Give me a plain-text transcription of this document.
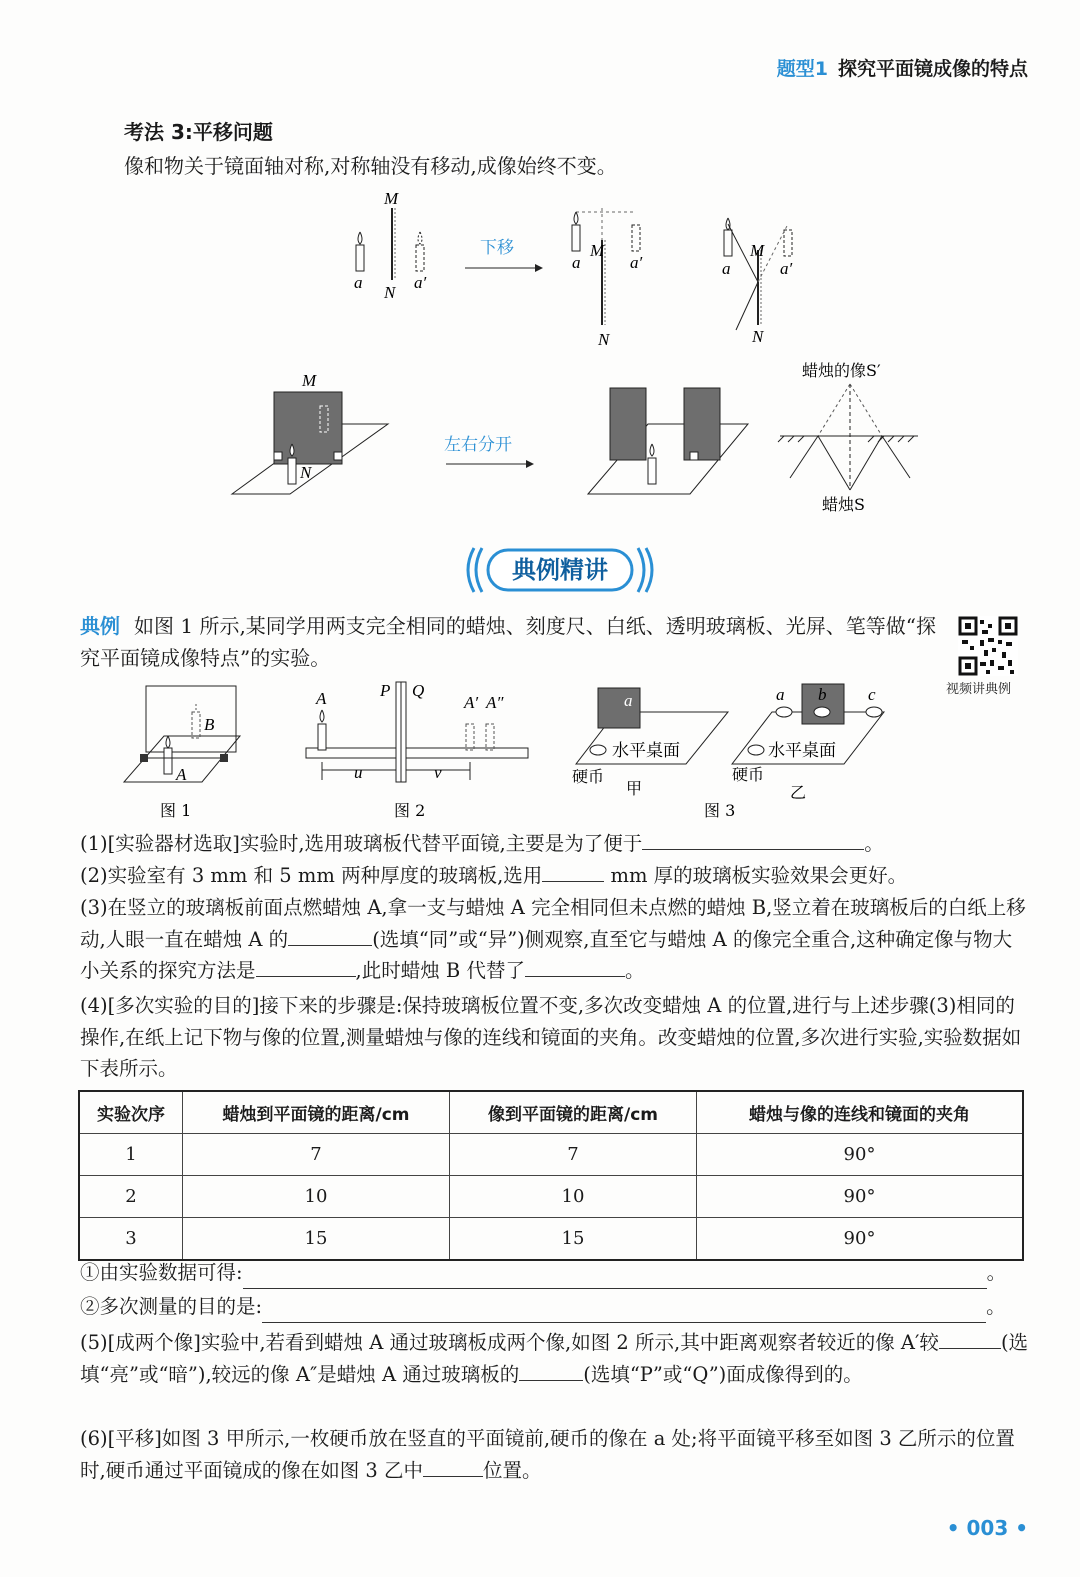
题型1 探究平面镜成像的特点
考法 3:平移问题
像和物关于镜面轴对称,对称轴没有移动,成像始终不变。
M
N
a	a′
下移
a
M
a′
N
M
a	a′
N
M
N
左右分开
蜡烛的像S′
蜡烛S
典例精讲
典例 如图 1 所示,某同学用两支完全相同的蜡烛、刻度尺、白纸、透明玻璃板、光屏、笔等做“探究平面镜成像特点”的实验。
视频讲典例
B
A
图 1
A	P Q
A′ A″
u	v
图 2
a
水平桌面
硬币
甲
a b c
水平桌面
硬币
乙
图 3
(1)[实验器材选取]实验时,选用玻璃板代替平面镜,主要是为了便于	。
(2)实验室有 3 mm 和 5 mm 两种厚度的玻璃板,选用	mm 厚的玻璃板实验效果会更好。
(3)在竖立的玻璃板前面点燃蜡烛 A,拿一支与蜡烛 A 完全相同但未点燃的蜡烛 B,竖立着在玻璃板后的白纸上移动,人眼一直在蜡烛 A 的	(选填“同”或“异”)侧观察,直至它与蜡烛 A 的像完全重合,这种确定像与物大小关系的探究方法是	,此时蜡烛 B 代替了	。
(4)[多次实验的目的]接下来的步骤是:保持玻璃板位置不变,多次改变蜡烛 A 的位置,进行与上述步骤(3)相同的操作,在纸上记下物与像的位置,测量蜡烛与像的连线和镜面的夹角。改变蜡烛的位置,多次进行实验,实验数据如下表所示。
实验次序	蜡烛到平面镜的距离/cm	像到平面镜的距离/cm	蜡烛与像的连线和镜面的夹角
1	7	7	90°
2	10	10	90°
3	15	15	90°
①由实验数据可得:	。
②多次测量的目的是:	。
(5)[成两个像]实验中,若看到蜡烛 A 通过玻璃板成两个像,如图 2 所示,其中距离观察者较近的像 A′较	(选填“亮”或“暗”),较远的像 A″是蜡烛 A 通过玻璃板的	(选填“P”或“Q”)面成像得到的。
(6)[平移]如图 3 甲所示,一枚硬币放在竖直的平面镜前,硬币的像在 a 处;将平面镜平移至如图 3 乙所示的位置时,硬币通过平面镜成的像在如图 3 乙中	位置。
• 003 •
